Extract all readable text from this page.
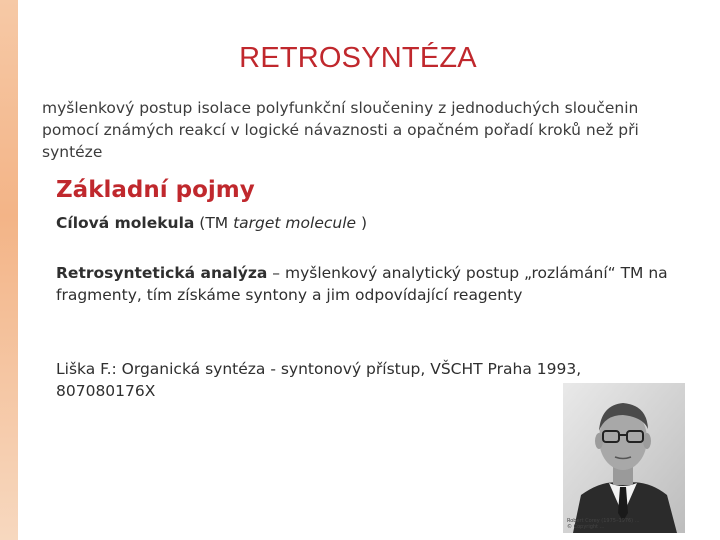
RETROSYNTÉZA
myšlenkový postup isolace polyfunkční sloučeniny z jednoduchých sloučenin pomocí známých reakcí v logické návaznosti a opačném pořadí kroků než při syntéze
Základní pojmy
Cílová molekula (TM target molecule )
Retrosyntetická analýza – myšlenkový analytický postup „rozlámání“ TM na fragmenty, tím získáme syntony a jim odpovídající reagenty
Liška F.: Organická syntéza - syntonový přístup, VŠCHT Praha 1993, 807080176X
Robert Corey (1975–1976) ...
© Copyright ...
